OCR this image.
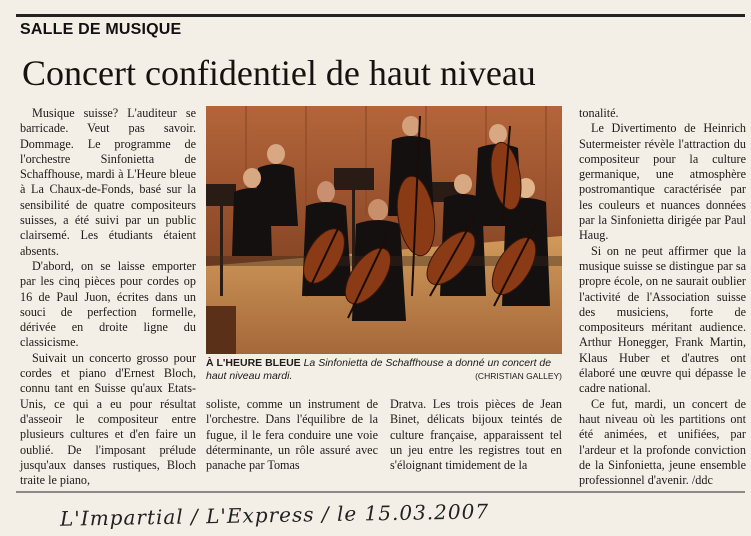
SALLE DE MUSIQUE
Concert confidentiel de haut niveau

Musique suisse? L'auditeur se barricade. Veut pas savoir. Dommage. Le programme de l'orchestre Sinfonietta de Schaffhouse, mardi à L'Heure bleue à La Chaux-de-Fonds, basé sur la sensibilité de quatre compositeurs suisses, a été suivi par un public clairsemé. Les étudiants étaient absents.

D'abord, on se laisse emporter par les cinq pièces pour cordes op 16 de Paul Juon, écrites dans un souci de perfection formelle, dérivée en droite ligne du classicisme.

Suivait un concerto grosso pour cordes et piano d'Ernest Bloch, connu tant en Suisse qu'aux Etats-Unis, ce qui a eu pour résultat d'asseoir le compositeur entre plusieurs cultures et d'en faire un oublié. De l'imposant prélude jusqu'aux danses rustiques, Bloch traite le piano,

À L'HEURE BLEUE La Sinfonietta de Schaffhouse a donné un concert de haut niveau mardi.	(CHRISTIAN GALLEY)
soliste, comme un instrument de l'orchestre. Dans l'équilibre de la fugue, il le fera conduire une voie déterminante, un rôle assuré avec panache par Tomas
Dratva. Les trois pièces de Jean Binet, délicats bijoux teintés de culture française, apparaissent tel un jeu entre les registres tout en s'éloignant timidement de la

tonalité.

Le Divertimento de Heinrich Sutermeister révèle l'attraction du compositeur pour la culture germanique, une atmosphère postromantique caractérisée par les couleurs et nuances données par la Sinfonietta dirigée par Paul Haug.

Si on ne peut affirmer que la musique suisse se distingue par sa propre école, on ne saurait oublier l'activité de l'Association suisse des musiciens, forte de compositeurs méritant audience. Arthur Honegger, Frank Martin, Klaus Huber et d'autres ont élaboré une œuvre qui dépasse le cadre national.

Ce fut, mardi, un concert de haut niveau où les partitions ont été animées, et unifiées, par l'ardeur et la profonde conviction de la Sinfonietta, jeune ensemble professionnel d'avenir. /ddc

L'Impartial / L'Express / le 15.03.2007
